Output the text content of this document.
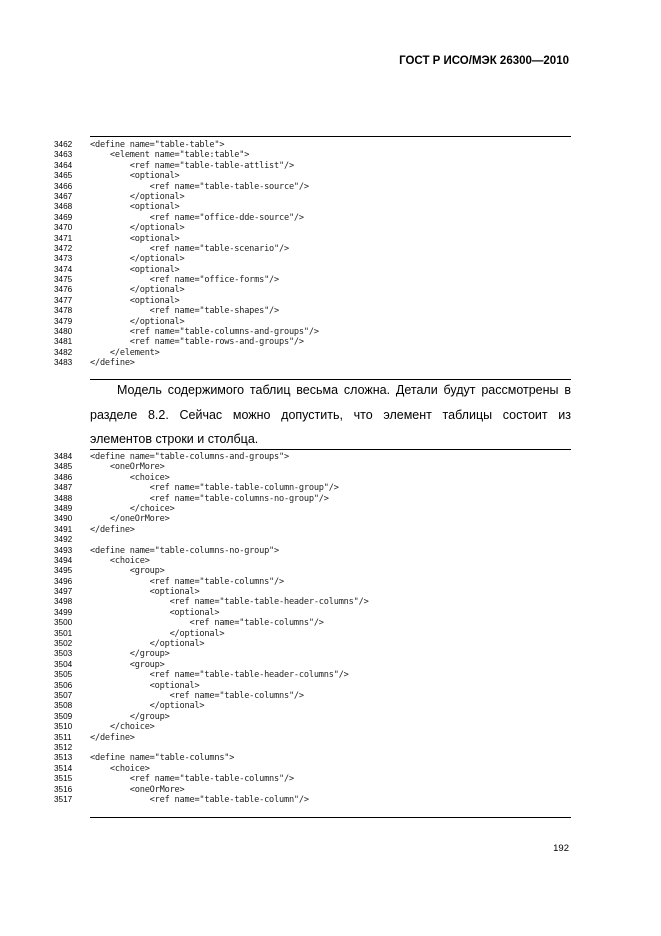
ГОСТ Р ИСО/МЭК 26300—2010
3462 <define name="table-table">
3463    <element name="table:table">
3464        <ref name="table-table-attlist"/>
3465        <optional>
3466            <ref name="table-table-source"/>
3467        </optional>
3468        <optional>
3469            <ref name="office-dde-source"/>
3470        </optional>
3471        <optional>
3472            <ref name="table-scenario"/>
3473        </optional>
3474        <optional>
3475            <ref name="office-forms"/>
3476        </optional>
3477        <optional>
3478            <ref name="table-shapes"/>
3479        </optional>
3480        <ref name="table-columns-and-groups"/>
3481        <ref name="table-rows-and-groups"/>
3482    </element>
3483 </define>
Модель содержимого таблиц весьма сложна. Детали будут рассмотрены в разделе 8.2. Сейчас можно допустить, что элемент таблицы состоит из элементов строки и столбца.
3484 <define name="table-columns-and-groups">
3485    <oneOrMore>
3486        <choice>
3487            <ref name="table-table-column-group"/>
3488            <ref name="table-columns-no-group"/>
3489        </choice>
3490    </oneOrMore>
3491 </define>
3492
3493 <define name="table-columns-no-group">
3494    <choice>
3495        <group>
3496            <ref name="table-columns"/>
3497            <optional>
3498                <ref name="table-table-header-columns"/>
3499                <optional>
3500                    <ref name="table-columns"/>
3501                </optional>
3502            </optional>
3503        </group>
3504        <group>
3505            <ref name="table-table-header-columns"/>
3506            <optional>
3507                <ref name="table-columns"/>
3508            </optional>
3509        </group>
3510    </choice>
3511 </define>
3512
3513 <define name="table-columns">
3514    <choice>
3515        <ref name="table-table-columns"/>
3516        <oneOrMore>
3517            <ref name="table-table-column"/>
192
